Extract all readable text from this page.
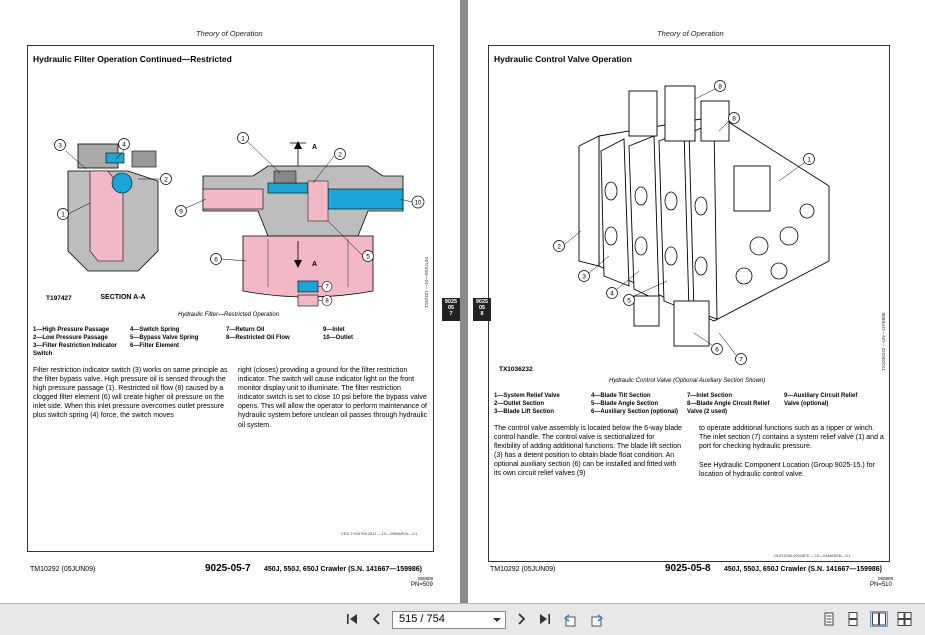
Theory of Operation
Hydraulic Filter Operation Continued—Restricted
3	4
2
1
SECTION A-A
A
A
1
2
9
10
6	5
7
8
T197427	T197427 —19—09JUL04
Hydraulic Filter—Restricted Operation
1—High Pressure Passage
2—Low Pressure Passage
3—Filter Restriction Indicator
Switch
4—Switch Spring
5—Bypass Valve Spring
6—Filter Element
7—Return Oil
8—Restricted Oil Flow
9—Inlet
10—Outlet
Filter restriction indicator switch (3) works on same principle as the filter bypass valve. High pressure oil is sensed through the high pressure passage (1). Restricted oil flow (8) caused by a clogged filter element (6) will create higher oil pressure on the inlet side. When this inlet pressure overcomes outlet pressure plus switch spring (4) force, the switch moves
right (closes) providing a ground for the filter restriction indicator. The switch will cause indicator light on the front monitor display unit to illuminate. The filter restriction indicator switch is set to close 10 psi before the bypass valve opens. This will allow the operator to perform maintenance of hydraulic system before unclean oil passes through hydraulic oil system.
CED,TX03769,2611 —19—09MAR04—1/1
9025
05
7
TM10292 (05JUN09)	9025-05-7 450J, 550J, 650J Crawler (S.N. 141667—159986)
060809
PN=509
Theory of Operation
Hydraulic Control Valve Operation
8
8
1
2
3
4
5
6
7
TX1036232	TX1036232 —UN—11FEB08
Hydraulic Control Valve (Optional Auxiliary Section Shown)
1—System Relief Valve
2—Outlet Section
3—Blade Lift Section
4—Blade Tilt Section
5—Blade Angle Section
6—Auxiliary Section (optional)
7—Inlet Section
8—Blade Angle Circuit Relief
Valve (2 used)
9—Auxiliary Circuit Relief
Valve (optional)
The control valve assembly is located below the 6-way blade control handle. The control valve is sectionalized for flexibility of adding additional functions. The blade lift section (3) has a detent position to obtain blade float condition. An optional auxiliary section (6) can be installed and fitted with its own circuit relief valves (9)
to operate additional functions such as a ripper or winch. The inlet section (7) contains a system relief valve (1) and a port for checking hydraulic pressure.
See Hydraulic Component Location (Group 9025-15.) for location of hydraulic control valve.
OUO1036,00018FD —19—04MAR08—1/1
9025
05
8
TM10292 (05JUN09)	9025-05-8 450J, 550J, 650J Crawler (S.N. 141667—159986)
060809
PN=510
515 / 754
